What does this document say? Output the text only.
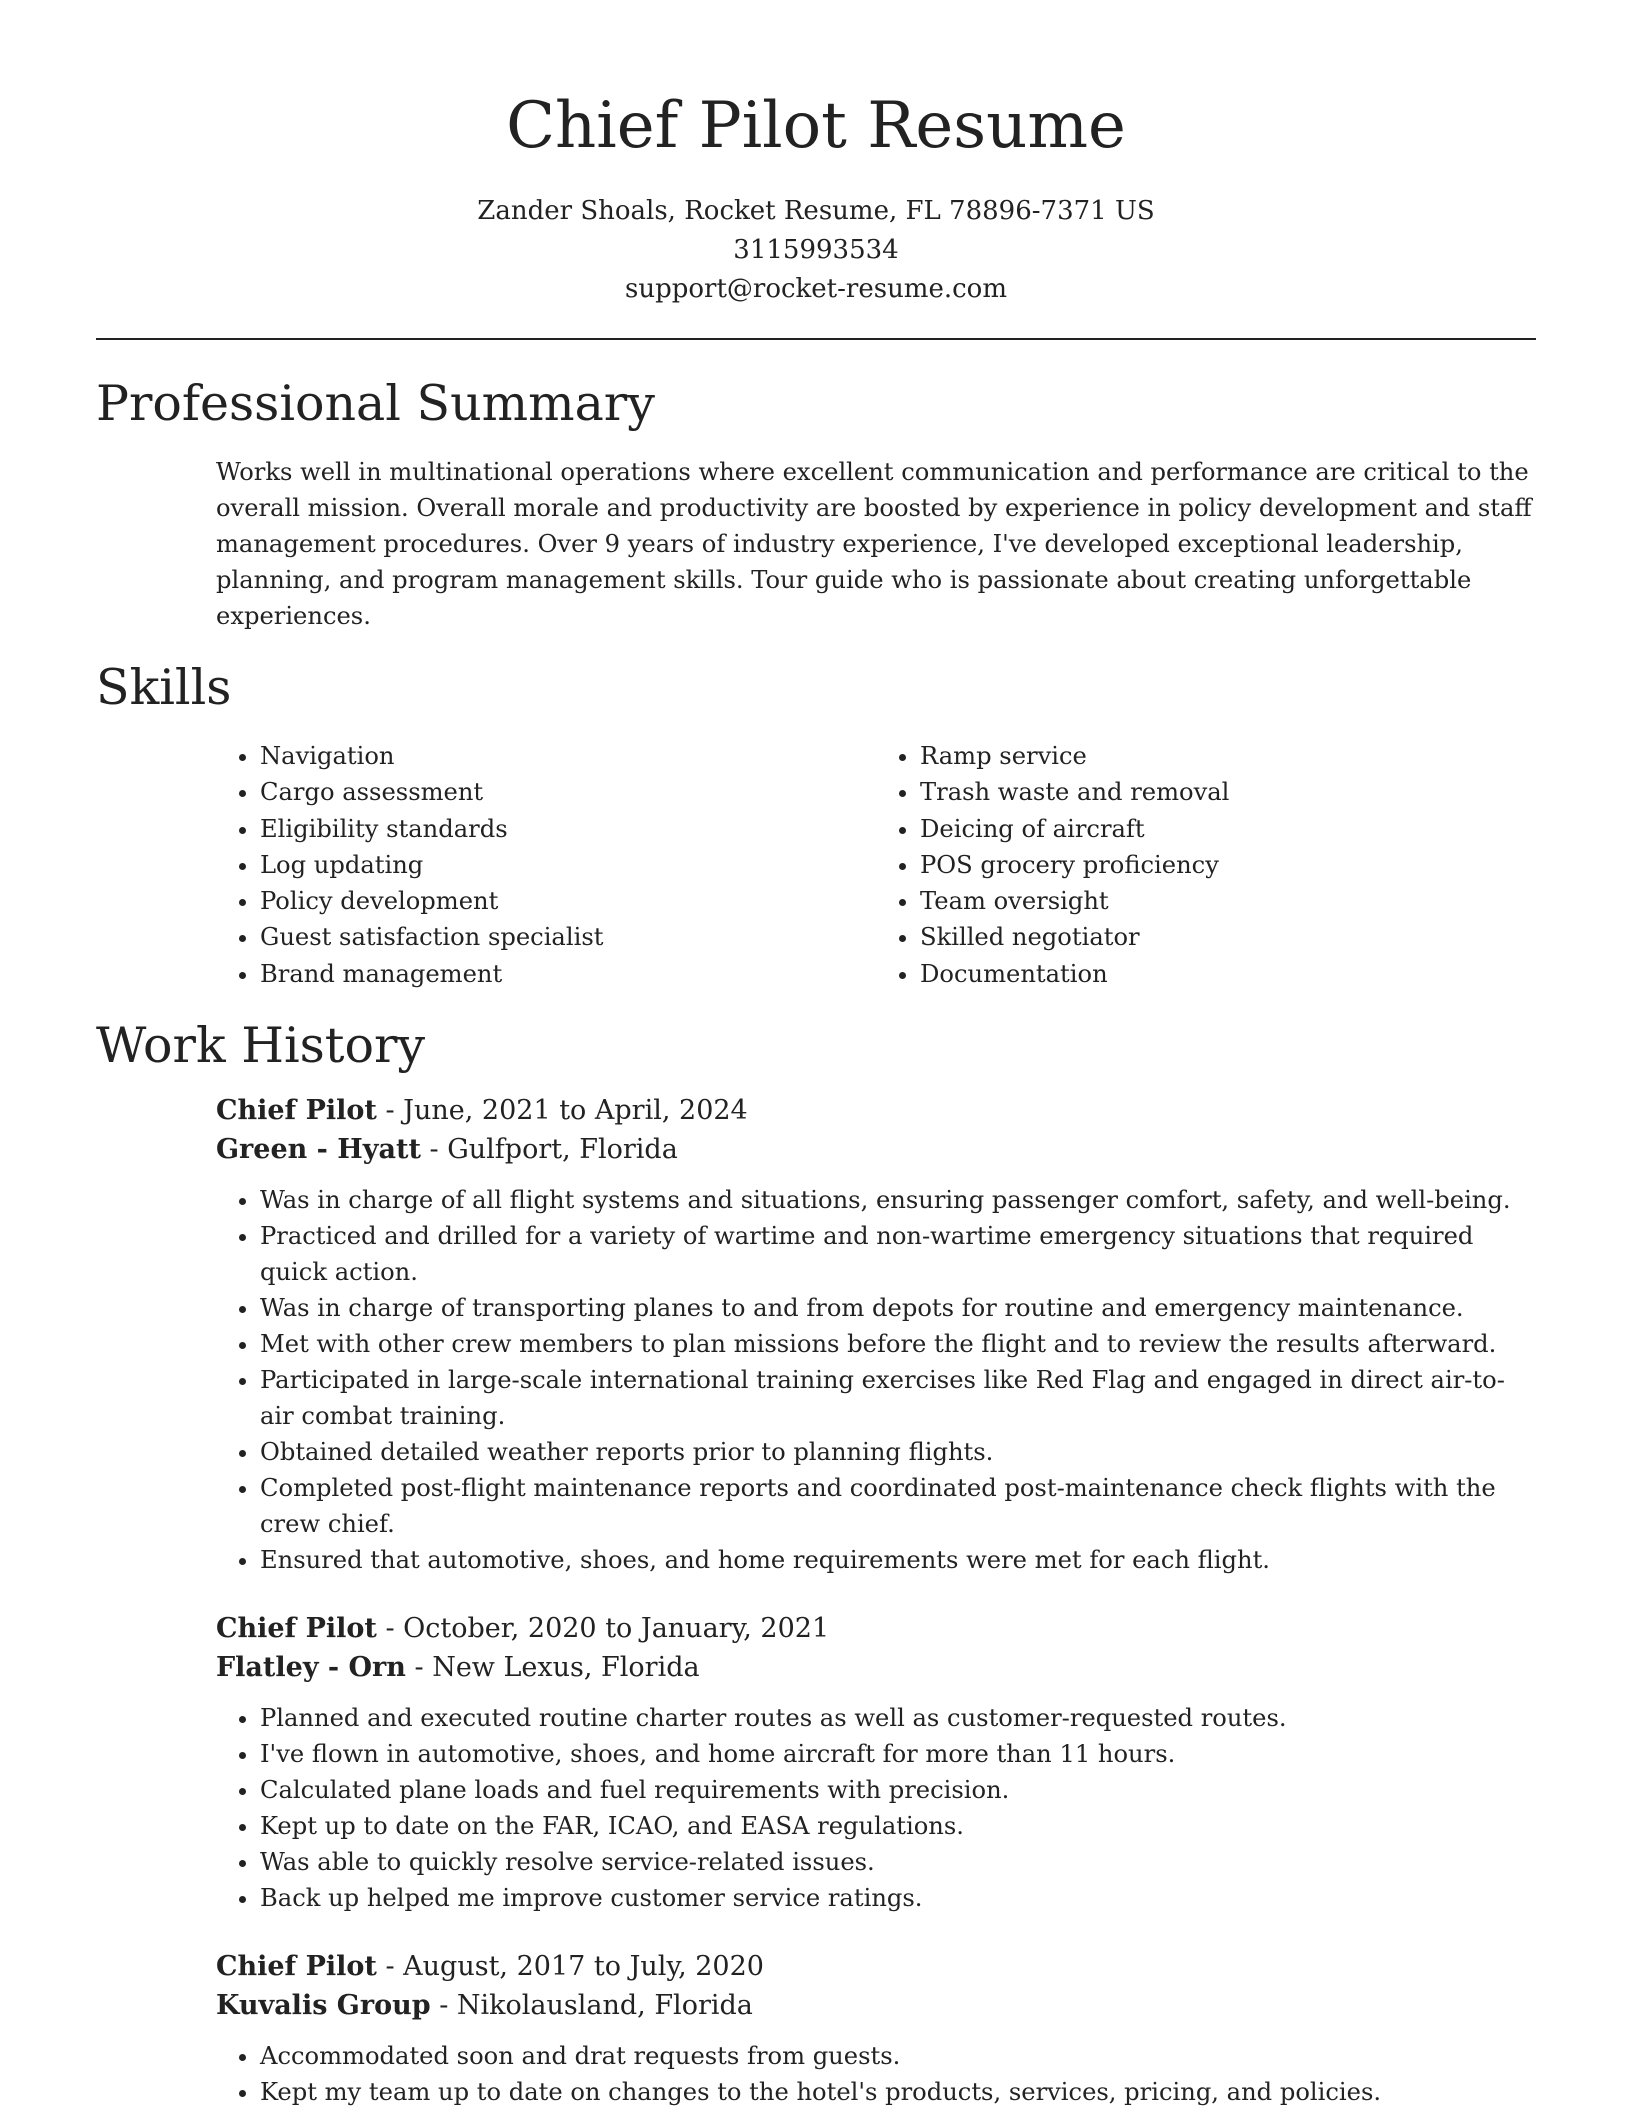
Chief Pilot Resume
Zander Shoals, Rocket Resume, FL 78896-7371 US
3115993534
support@rocket-resume.com
Professional Summary

Works well in multinational operations where excellent communication and performance are critical to the overall mission. Overall morale and productivity are boosted by experience in policy development and staff management procedures. Over 9 years of industry experience, I've developed exceptional leadership, planning, and program management skills. Tour guide who is passionate about creating unforgettable experiences.

Skills
• Navigation
• Cargo assessment
• Eligibility standards
• Log updating
• Policy development
• Guest satisfaction specialist
• Brand management
• Ramp service
• Trash waste and removal
• Deicing of aircraft
• POS grocery proficiency
• Team oversight
• Skilled negotiator
• Documentation
Work History
Chief Pilot - June, 2021 to April, 2024
Green - Hyatt - Gulfport, Florida
• Was in charge of all flight systems and situations, ensuring passenger comfort, safety, and well-being.
• Practiced and drilled for a variety of wartime and non-wartime emergency situations that required quick action.
• Was in charge of transporting planes to and from depots for routine and emergency maintenance.
• Met with other crew members to plan missions before the flight and to review the results afterward.
• Participated in large-scale international training exercises like Red Flag and engaged in direct air-to-air combat training.
• Obtained detailed weather reports prior to planning flights.
• Completed post-flight maintenance reports and coordinated post-maintenance check flights with the crew chief.
• Ensured that automotive, shoes, and home requirements were met for each flight.
Chief Pilot - October, 2020 to January, 2021
Flatley - Orn - New Lexus, Florida
• Planned and executed routine charter routes as well as customer-requested routes.
• I've flown in automotive, shoes, and home aircraft for more than 11 hours.
• Calculated plane loads and fuel requirements with precision.
• Kept up to date on the FAR, ICAO, and EASA regulations.
• Was able to quickly resolve service-related issues.
• Back up helped me improve customer service ratings.
Chief Pilot - August, 2017 to July, 2020
Kuvalis Group - Nikolausland, Florida
• Accommodated soon and drat requests from guests.
• Kept my team up to date on changes to the hotel's products, services, pricing, and policies.
